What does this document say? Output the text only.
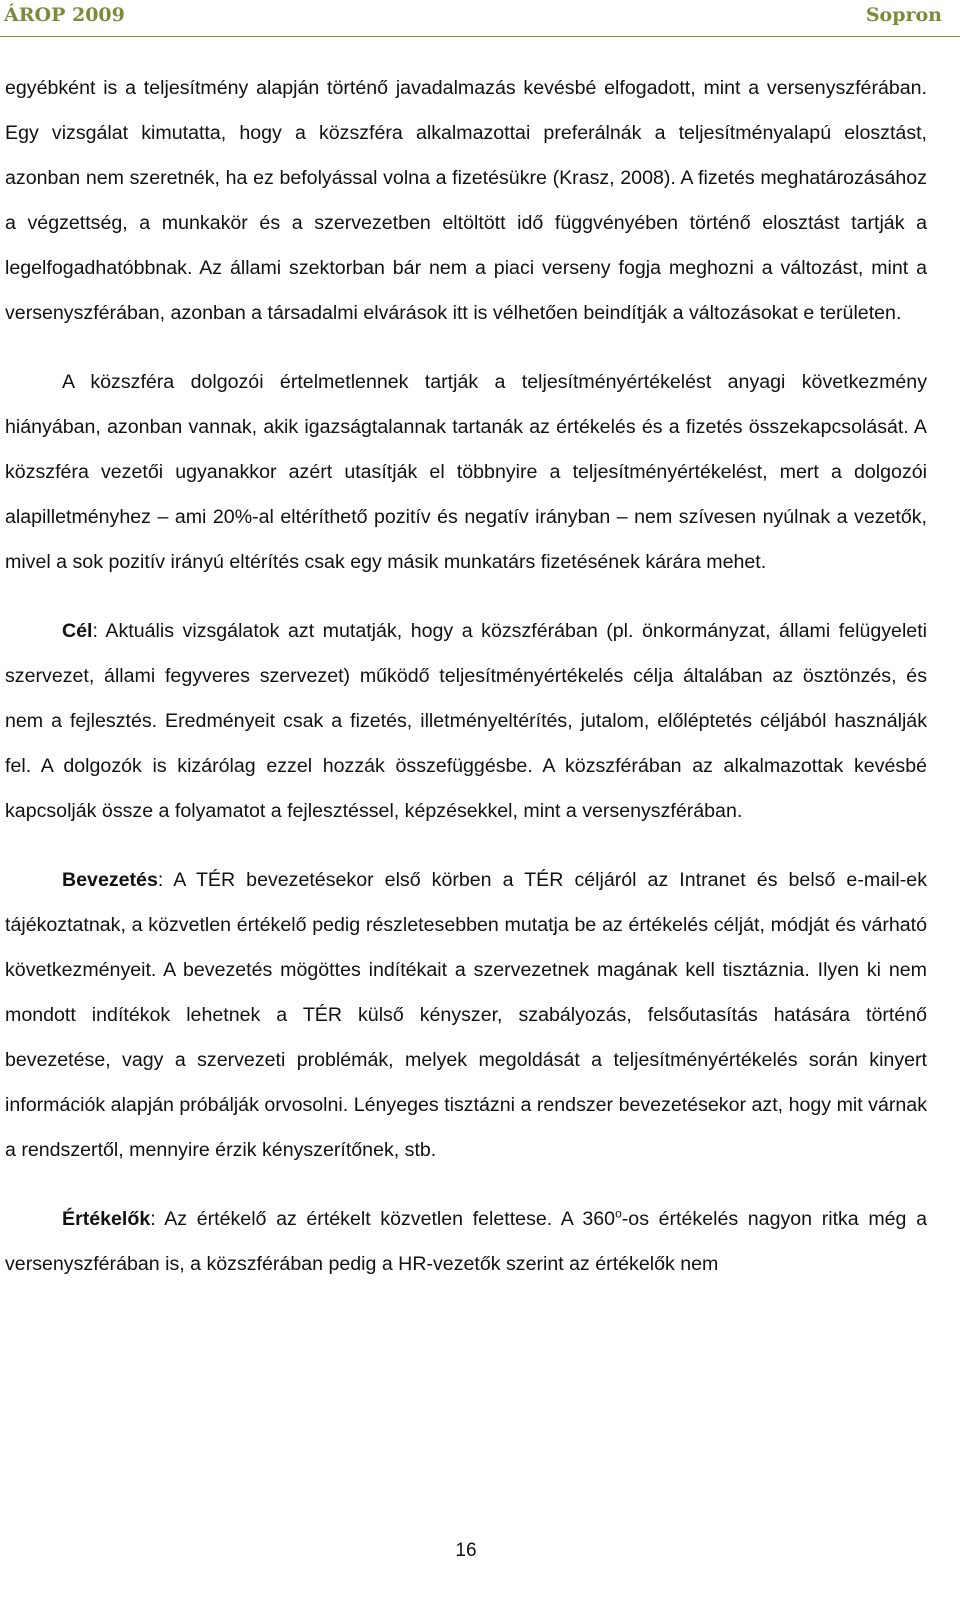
ÁROP 2009	Sopron

egyébként is a teljesítmény alapján történő javadalmazás kevésbé elfogadott, mint a versenyszférában. Egy vizsgálat kimutatta, hogy a közszféra alkalmazottai preferálnák a teljesítményalapú elosztást, azonban nem szeretnék, ha ez befolyással volna a fizetésükre (Krasz, 2008). A fizetés meghatározásához a végzettség, a munkakör és a szervezetben eltöltött idő függvényében történő elosztást tartják a legelfogadhatóbbnak. Az állami szektorban bár nem a piaci verseny fogja meghozni a változást, mint a versenyszférában, azonban a társadalmi elvárások itt is vélhetően beindítják a változásokat e területen.

A közszféra dolgozói értelmetlennek tartják a teljesítményértékelést anyagi következmény hiányában, azonban vannak, akik igazságtalannak tartanák az értékelés és a fizetés összekapcsolását. A közszféra vezetői ugyanakkor azért utasítják el többnyire a teljesítményértékelést, mert a dolgozói alapilletményhez – ami 20%-al eltéríthető pozitív és negatív irányban – nem szívesen nyúlnak a vezetők, mivel a sok pozitív irányú eltérítés csak egy másik munkatárs fizetésének kárára mehet.

Cél: Aktuális vizsgálatok azt mutatják, hogy a közszférában (pl. önkormányzat, állami felügyeleti szervezet, állami fegyveres szervezet) működő teljesítményértékelés célja általában az ösztönzés, és nem a fejlesztés. Eredményeit csak a fizetés, illetményeltérítés, jutalom, előléptetés céljából használják fel. A dolgozók is kizárólag ezzel hozzák összefüggésbe. A közszférában az alkalmazottak kevésbé kapcsolják össze a folyamatot a fejlesztéssel, képzésekkel, mint a versenyszférában.

Bevezetés: A TÉR bevezetésekor első körben a TÉR céljáról az Intranet és belső e-mail-ek tájékoztatnak, a közvetlen értékelő pedig részletesebben mutatja be az értékelés célját, módját és várható következményeit. A bevezetés mögöttes indítékait a szervezetnek magának kell tisztáznia. Ilyen ki nem mondott indítékok lehetnek a TÉR külső kényszer, szabályozás, felsőutasítás hatására történő bevezetése, vagy a szervezeti problémák, melyek megoldását a teljesítményértékelés során kinyert információk alapján próbálják orvosolni. Lényeges tisztázni a rendszer bevezetésekor azt, hogy mit várnak a rendszertől, mennyire érzik kényszerítőnek, stb.

Értékelők: Az értékelő az értékelt közvetlen felettese. A 360$^o$-os értékelés nagyon ritka még a versenyszférában is, a közszférában pedig a HR-vezetők szerint az értékelők nem

16
